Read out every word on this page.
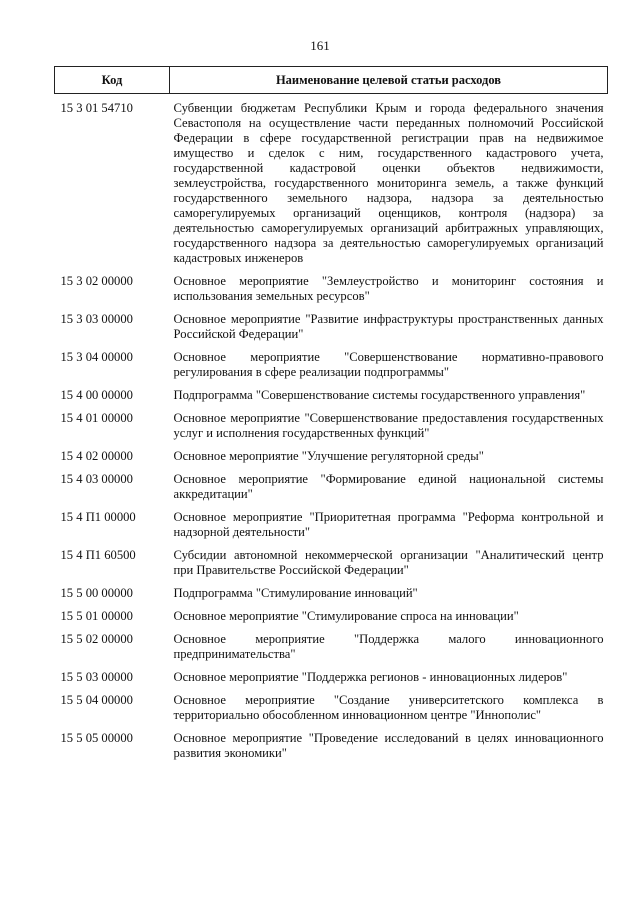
161
Код	Наименование целевой статьи расходов
15 3 01 54710	Субвенции бюджетам Республики Крым и города федерального значения Севастополя на осуществление части переданных полномочий Российской Федерации в сфере государственной регистрации прав на недвижимое имущество и сделок с ним, государственного кадастрового учета, государственной кадастровой оценки объектов недвижимости, землеустройства, государственного мониторинга земель, а также функций государственного земельного надзора, надзора за деятельностью саморегулируемых организаций оценщиков, контроля (надзора) за деятельностью саморегулируемых организаций арбитражных управляющих, государственного надзора за деятельностью саморегулируемых организаций кадастровых инженеров
15 3 02 00000	Основное мероприятие "Землеустройство и мониторинг состояния и использования земельных ресурсов"
15 3 03 00000	Основное мероприятие "Развитие инфраструктуры пространственных данных Российской Федерации"
15 3 04 00000	Основное мероприятие "Совершенствование нормативно-правового регулирования в сфере реализации подпрограммы"
15 4 00 00000	Подпрограмма "Совершенствование системы государственного управления"
15 4 01 00000	Основное мероприятие "Совершенствование предоставления государственных услуг и исполнения государственных функций"
15 4 02 00000	Основное мероприятие "Улучшение регуляторной среды"
15 4 03 00000	Основное мероприятие "Формирование единой национальной системы аккредитации"
15 4 П1 00000	Основное мероприятие "Приоритетная программа "Реформа контрольной и надзорной деятельности"
15 4 П1 60500	Субсидии автономной некоммерческой организации "Аналитический центр при Правительстве Российской Федерации"
15 5 00 00000	Подпрограмма "Стимулирование инноваций"
15 5 01 00000	Основное мероприятие "Стимулирование спроса на инновации"
15 5 02 00000	Основное мероприятие "Поддержка малого инновационного предпринимательства"
15 5 03 00000	Основное мероприятие "Поддержка регионов - инновационных лидеров"
15 5 04 00000	Основное мероприятие "Создание университетского комплекса в территориально обособленном инновационном центре "Иннополис"
15 5 05 00000	Основное мероприятие "Проведение исследований в целях инновационного развития экономики"
